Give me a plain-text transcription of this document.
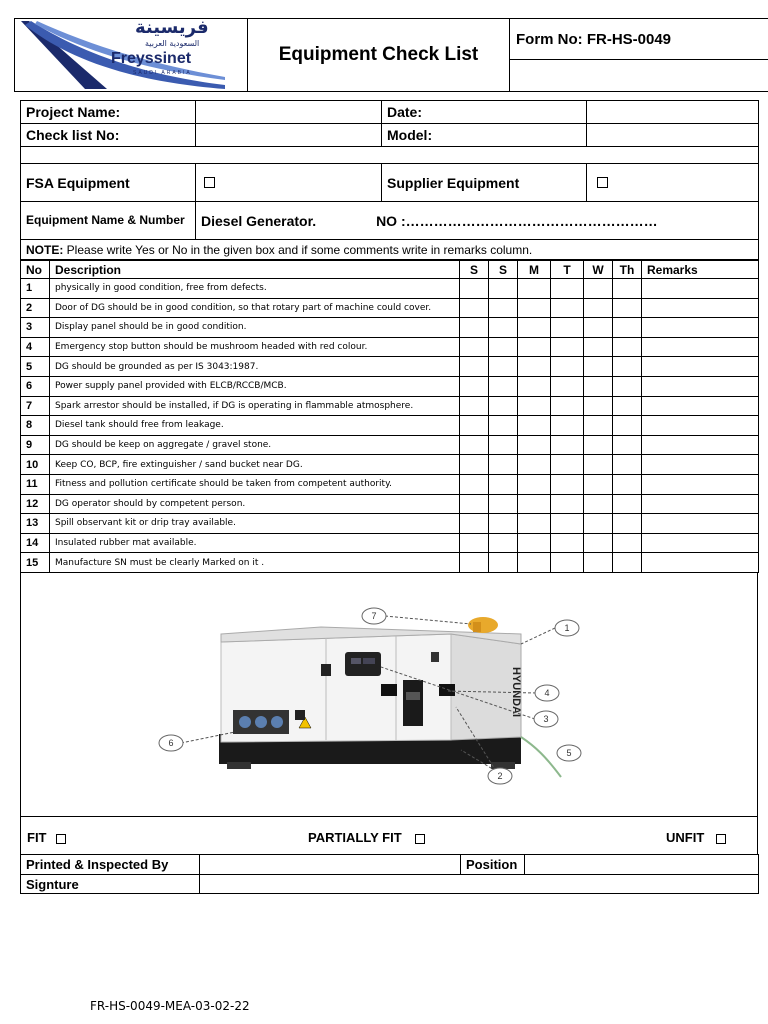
فريسينة
السعودية العربية
Freyssinet
SAUDI ARABIA
	Equipment Check List	Form No: FR-HS-0049

Project Name:		Date:	
Check list No:		Model:	

FSA Equipment		Supplier Equipment	
Equipment Name & Number	Diesel Generator. NO :………………………………………………		
NOTE: Please write Yes or No in the given box and if some comments write in remarks column.			
No	Description	S	S	M	T	W	Th	Remarks
1	physically in good condition, free from defects.							
2	Door of DG should be in good condition, so that rotary part of machine could cover.							
3	Display panel should be in good condition.							
4	Emergency stop button should be mushroom headed with red colour.							
5	DG should be grounded as per IS 3043:1987.							
6	Power supply panel provided with ELCB/RCCB/MCB.							
7	Spark arrestor should be installed, if DG is operating in flammable atmosphere.							
8	Diesel tank should free from leakage.							
9	DG should be keep on aggregate / gravel stone.							
10	Keep CO, BCP, fire extinguisher / sand bucket near DG.							
11	Fitness and pollution certificate should be taken from competent authority.							
12	DG operator should by competent person.							
13	Spill observant kit or drip tray available.							
14	Insulated rubber mat available.							
15	Manufacture SN must be clearly Marked on it .							
HYUNDAI
7
1
4
3
5
6
2
FIT	PARTIALLY FIT	UNFIT
Printed & Inspected By		Position	
Signture			
FR-HS-0049-MEA-03-02-22
